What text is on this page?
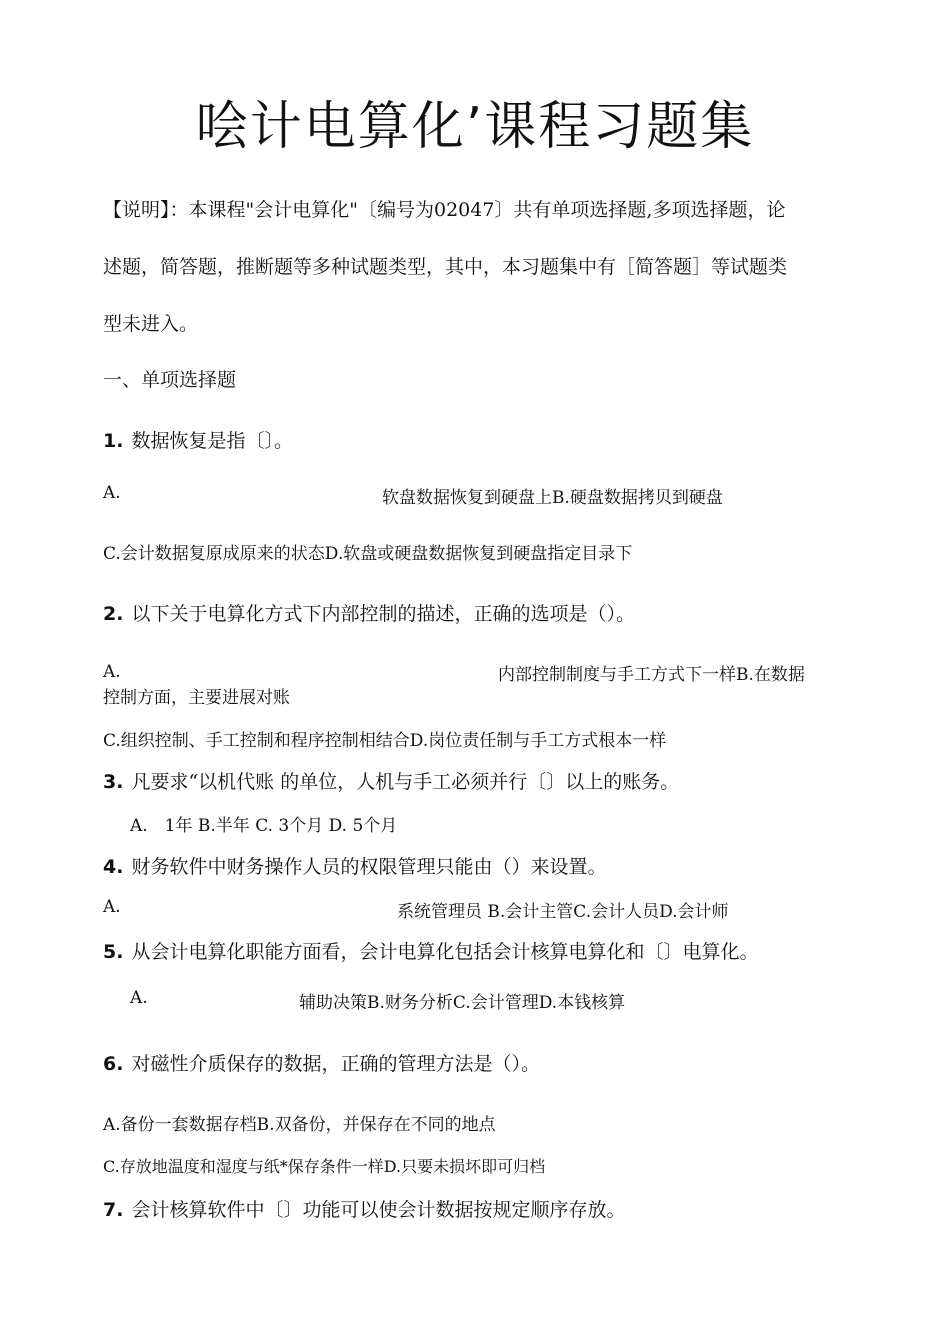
哙计电算化’课程习题集
【说明】：本课程"会计电算化"〔编号为02047〕共有单项选择题,多项选择题，论
述题，简答题，推断题等多种试题类型，其中，本习题集中有［简答题］等试题类
型未进入。
一、单项选择题
1. 数据恢复是指〔〕。
A.	软盘数据恢复到硬盘上B.硬盘数据拷贝到硬盘
C.会计数据复原成原来的状态D.软盘或硬盘数据恢复到硬盘指定目录下
2. 以下关于电算化方式下内部控制的描述，正确的选项是（）。
A.	内部控制制度与手工方式下一样B.在数据
控制方面，主要进展对账
C.组织控制、手工控制和程序控制相结合D.岗位责任制与手工方式根本一样
3. 凡要求“以机代账 的单位，人机与手工必须并行〔〕以上的账务。
A.　1年 B.半年 C. 3个月 D. 5个月
4. 财务软件中财务操作人员的权限管理只能由（）来设置。
A.	系统管理员 B.会计主管C.会计人员D.会计师
5. 从会计电算化职能方面看，会计电算化包括会计核算电算化和〔〕电算化。
A.	辅助决策B.财务分析C.会计管理D.本钱核算
6. 对磁性介质保存的数据，正确的管理方法是（）。
A.备份一套数据存档B.双备份，并保存在不同的地点
C.存放地温度和湿度与纸*保存条件一样D.只要未损坏即可归档
7. 会计核算软件中〔〕功能可以使会计数据按规定顺序存放。
